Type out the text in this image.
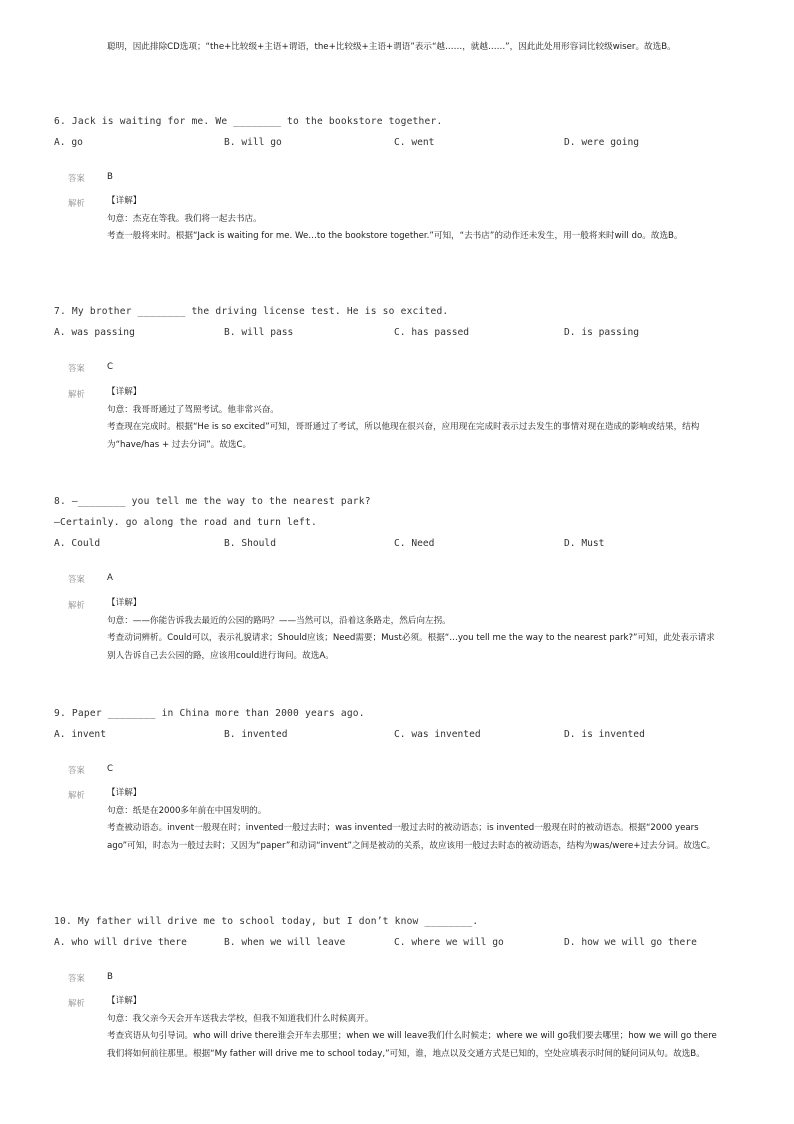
聪明，因此排除CD选项；“the+比较级+主语+谓语，the+比较级+主语+谓语”表示“越……，就越……”，因此此处用形容词比较级wiser。故选B。
6. Jack is waiting for me. We ________ to the bookstore together.
A. go	B. will go	C. went	D. were going
答案	B
解析	【详解】
句意：杰克在等我。我们将一起去书店。
考查一般将来时。根据“Jack is waiting for me. We…to the bookstore together.”可知，“去书店”的动作还未发生，用一般将来时will do。故选B。
7. My brother ________ the driving license test. He is so excited.
A. was passing	B. will pass	C. has passed	D. is passing
答案	C
解析	【详解】
句意：我哥哥通过了驾照考试。他非常兴奋。
考查现在完成时。根据“He is so excited”可知，哥哥通过了考试，所以他现在很兴奋，应用现在完成时表示过去发生的事情对现在造成的影响或结果，结构为“have/has + 过去分词”。故选C。
8. —________ you tell me the way to the nearest park?
—Certainly. go along the road and turn left.
A. Could	B. Should	C. Need	D. Must
答案	A
解析	【详解】
句意：——你能告诉我去最近的公园的路吗？——当然可以，沿着这条路走，然后向左拐。
考查动词辨析。Could可以，表示礼貌请求；Should应该；Need需要；Must必须。根据“…you tell me the way to the nearest park?”可知，此处表示请求别人告诉自己去公园的路，应该用could进行询问。故选A。
9. Paper ________ in China more than 2000 years ago.
A. invent	B. invented	C. was invented	D. is invented
答案	C
解析	【详解】
句意：纸是在2000多年前在中国发明的。
考查被动语态。invent一般现在时；invented一般过去时；was invented一般过去时的被动语态；is invented一般现在时的被动语态。根据“2000 years ago”可知，时态为一般过去时；又因为“paper”和动词“invent”之间是被动的关系，故应该用一般过去时态的被动语态，结构为was/were+过去分词。故选C。
10. My father will drive me to school today, but I don’t know ________.
A. who will drive there	B. when we will leave	C. where we will go	D. how we will go there
答案	B
解析	【详解】
句意：我父亲今天会开车送我去学校，但我不知道我们什么时候离开。
考查宾语从句引导词。who will drive there谁会开车去那里；when we will leave我们什么时候走；where we will go我们要去哪里；how we will go there我们将如何前往那里。根据“My father will drive me to school today,”可知，谁，地点以及交通方式是已知的，空处应填表示时间的疑问词从句。故选B。
